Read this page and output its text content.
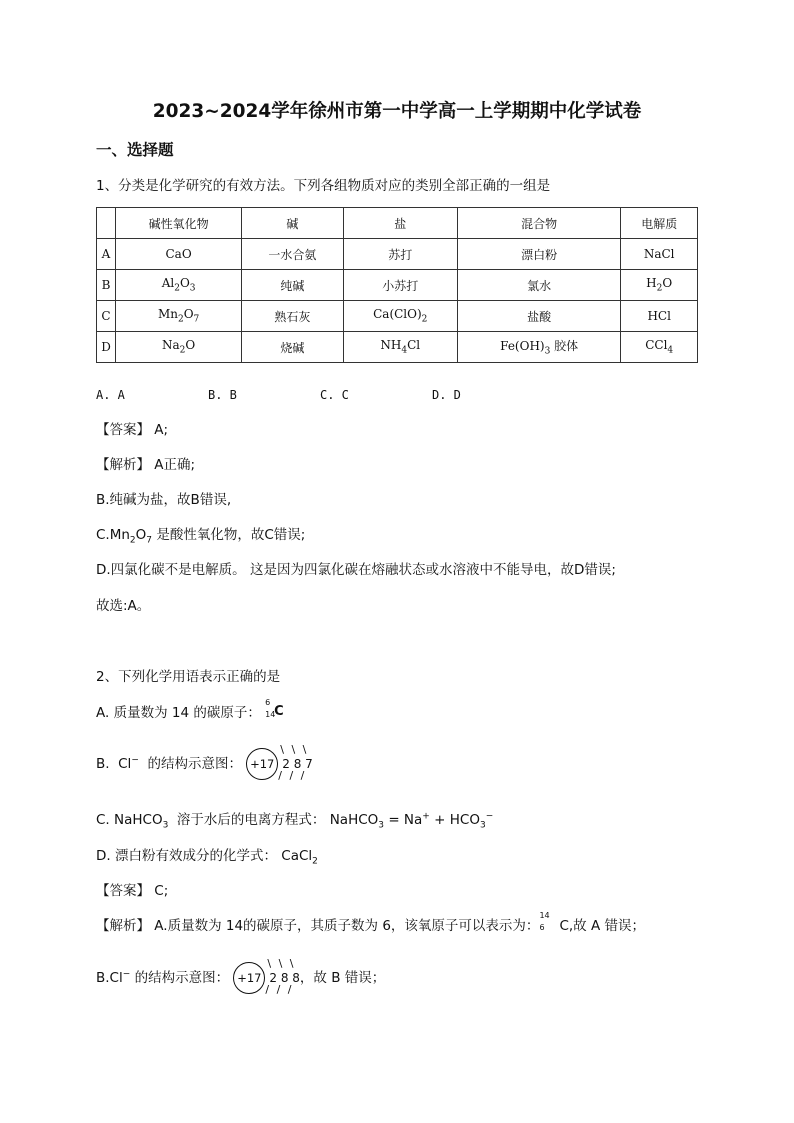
2023~2024学年徐州市第一中学高一上学期期中化学试卷
一、选择题
1、分类是化学研究的有效方法。下列各组物质对应的类别全部正确的一组是
	碱性氧化物	碱	盐	混合物	电解质
A	CaO	一水合氨	苏打	漂白粉	NaCl
B	$Al_2O_3$	纯碱	小苏打	氯水	$H_2O$
C	$Mn_2O_7$	熟石灰	$Ca(ClO)_2$	盐酸	HCl
D	$Na_2O$	烧碱	$NH_4Cl$	$Fe(OH)_3$ 胶体	CCl$_4$
A. A	B. B	C. C	D. D
【答案】 A;
【解析】 A正确;
B.纯碱为盐，故B错误,
$C.Mn_2O_7$ 是酸性氧化物，故C错误;
D.四氯化碳不是电解质。 这是因为四氯化碳在熔融状态或水溶液中不能导电，故D错误;
故选:A。
2、下列化学用语表示正确的是
A. 质量数为 14 的碳原子：
6
14
C
B.  Cl− 的结构示意图： +17
\ \ \
2 8 7
/ / /
C. NaHCO$_3$ 溶于水后的电离方程式： NaHCO$_3$ = $Na^+ + HCO_3^-$
D. 漂白粉有效成分的化学式： CaCl$_2$
【答案】 C;
【解析】 A.质量数为 14的碳原子，其质子数为 6，该氧原子可以表示为：
14
6 C,故 A 错误；
B.Cl− 的结构示意图： +17
\ \ \
2 8 8
/ / /
，故 B 错误；
